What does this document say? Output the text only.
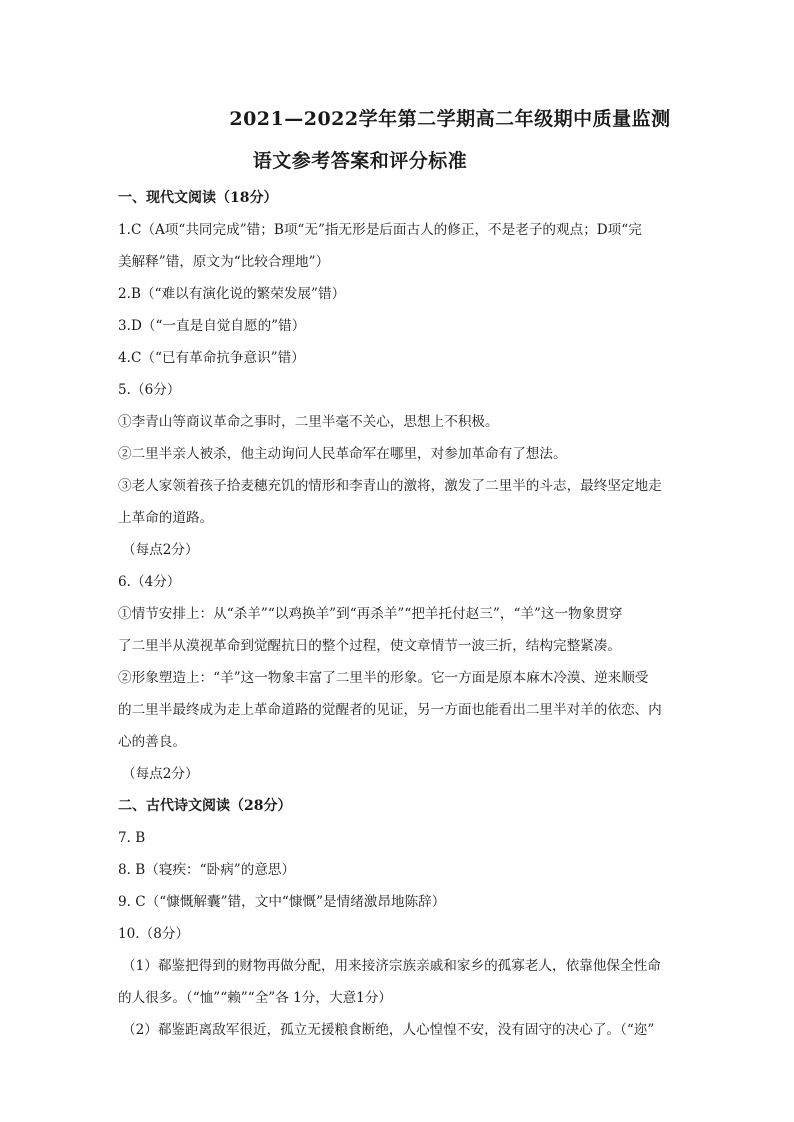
2021—2022学年第二学期高二年级期中质量监测
语文参考答案和评分标准
一、现代文阅读（18分）
1.C（A项“共同完成”错；B项“无”指无形是后面古人的修正，不是老子的观点；D项“完
美解释”错，原文为“比较合理地”）
2.B（“难以有演化说的繁荣发展”错）
3.D（“一直是自觉自愿的”错）
4.C（“已有革命抗争意识”错）
5.（6分）
①李青山等商议革命之事时，二里半毫不关心，思想上不积极。
②二里半亲人被杀，他主动询问人民革命军在哪里，对参加革命有了想法。
③老人家领着孩子拾麦穗充饥的情形和李青山的激将，激发了二里半的斗志，最终坚定地走
上革命的道路。
（每点2分）
6.（4分）
①情节安排上：从“杀羊”“以鸡换羊”到“再杀羊”“把羊托付赵三”，“羊”这一物象贯穿
了二里半从漠视革命到觉醒抗日的整个过程，使文章情节一波三折，结构完整紧凑。
②形象塑造上：“羊”这一物象丰富了二里半的形象。它一方面是原本麻木冷漠、逆来顺受
的二里半最终成为走上革命道路的觉醒者的见证，另一方面也能看出二里半对羊的依恋、内
心的善良。
（每点2分）
二、古代诗文阅读（28分）
7. B
8. B（寝疾：“卧病”的意思）
9. C（“慷慨解囊”错，文中“慷慨”是情绪激昂地陈辞）
10.（8分）
（1）郗鉴把得到的财物再做分配，用来接济宗族亲戚和家乡的孤寡老人，依靠他保全性命
的人很多。（“恤”“赖”“全”各 1分，大意1分）
（2）郗鉴距离敌军很近，孤立无援粮食断绝，人心惶惶不安，没有固守的决心了。（“迩”
